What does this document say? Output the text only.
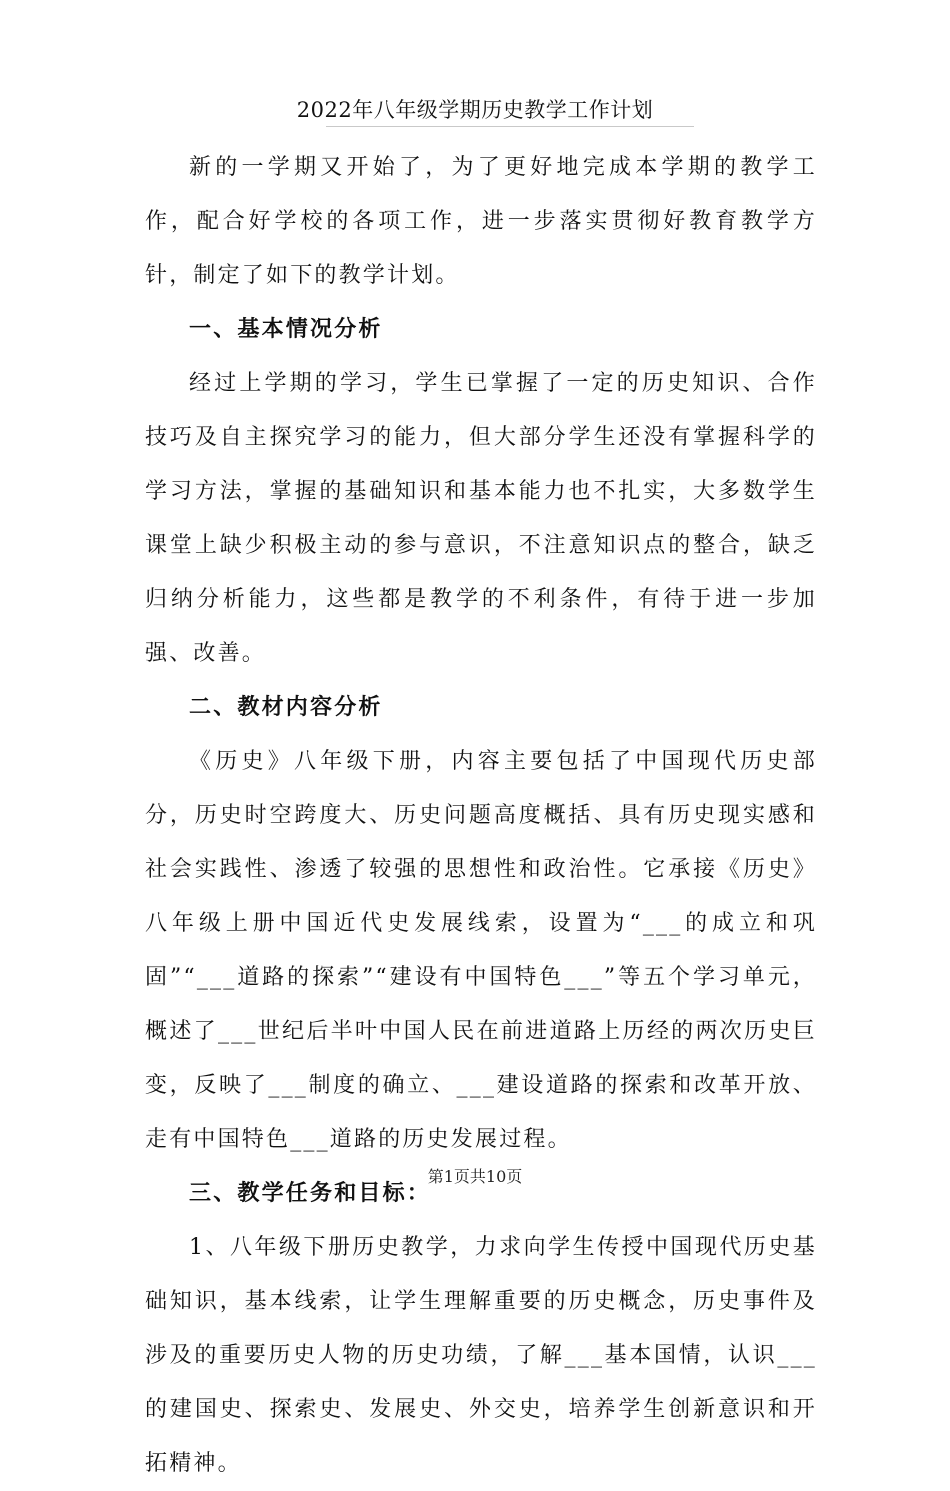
2022年八年级学期历史教学工作计划

新的一学期又开始了，为了更好地完成本学期的教学工作，配合好学校的各项工作，进一步落实贯彻好教育教学方针，制定了如下的教学计划。

一、基本情况分析

经过上学期的学习，学生已掌握了一定的历史知识、合作技巧及自主探究学习的能力，但大部分学生还没有掌握科学的学习方法，掌握的基础知识和基本能力也不扎实，大多数学生课堂上缺少积极主动的参与意识，不注意知识点的整合，缺乏归纳分析能力，这些都是教学的不利条件，有待于进一步加强、改善。

二、教材内容分析

《历史》八年级下册，内容主要包括了中国现代历史部分，历史时空跨度大、历史问题高度概括、具有历史现实感和社会实践性、渗透了较强的思想性和政治性。它承接《历史》八年级上册中国近代史发展线索，设置为“___的成立和巩固”“___道路的探索”“建设有中国特色___”等五个学习单元，概述了___世纪后半叶中国人民在前进道路上历经的两次历史巨变，反映了___制度的确立、___建设道路的探索和改革开放、走有中国特色___道路的历史发展过程。

三、教学任务和目标：

1、八年级下册历史教学，力求向学生传授中国现代历史基础知识，基本线索，让学生理解重要的历史概念，历史事件及涉及的重要历史人物的历史功绩，了解___基本国情，认识___的建国史、探索史、发展史、外交史，培养学生创新意识和开拓精神。

第1页共10页
